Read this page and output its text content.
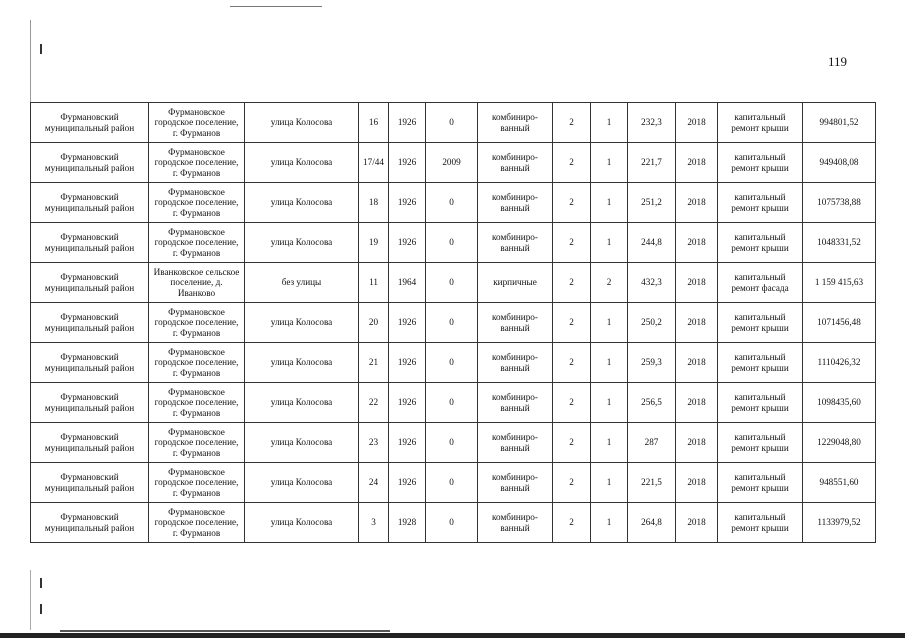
119
Фурмановский муниципальный район	Фурмановское городское поселение, г. Фурманов	улица Колосова	16	1926	0	комбиниро-ванный	2	1	232,3	2018	капитальный ремонт крыши	994801,52
Фурмановский муниципальный район	Фурмановское городское поселение, г. Фурманов	улица Колосова	17/44	1926	2009	комбиниро-ванный	2	1	221,7	2018	капитальный ремонт крыши	949408,08
Фурмановский муниципальный район	Фурмановское городское поселение, г. Фурманов	улица Колосова	18	1926	0	комбиниро-ванный	2	1	251,2	2018	капитальный ремонт крыши	1075738,88
Фурмановский муниципальный район	Фурмановское городское поселение, г. Фурманов	улица Колосова	19	1926	0	комбиниро-ванный	2	1	244,8	2018	капитальный ремонт крыши	1048331,52
Фурмановский муниципальный район	Иванковское сельское поселение, д. Иванково	без улицы	11	1964	0	кирпичные	2	2	432,3	2018	капитальный ремонт фасада	1 159 415,63
Фурмановский муниципальный район	Фурмановское городское поселение, г. Фурманов	улица Колосова	20	1926	0	комбиниро-ванный	2	1	250,2	2018	капитальный ремонт крыши	1071456,48
Фурмановский муниципальный район	Фурмановское городское поселение, г. Фурманов	улица Колосова	21	1926	0	комбиниро-ванный	2	1	259,3	2018	капитальный ремонт крыши	1110426,32
Фурмановский муниципальный район	Фурмановское городское поселение, г. Фурманов	улица Колосова	22	1926	0	комбиниро-ванный	2	1	256,5	2018	капитальный ремонт крыши	1098435,60
Фурмановский муниципальный район	Фурмановское городское поселение, г. Фурманов	улица Колосова	23	1926	0	комбиниро-ванный	2	1	287	2018	капитальный ремонт крыши	1229048,80
Фурмановский муниципальный район	Фурмановское городское поселение, г. Фурманов	улица Колосова	24	1926	0	комбиниро-ванный	2	1	221,5	2018	капитальный ремонт крыши	948551,60
Фурмановский муниципальный район	Фурмановское городское поселение, г. Фурманов	улица Колосова	3	1928	0	комбиниро-ванный	2	1	264,8	2018	капитальный ремонт крыши	1133979,52
